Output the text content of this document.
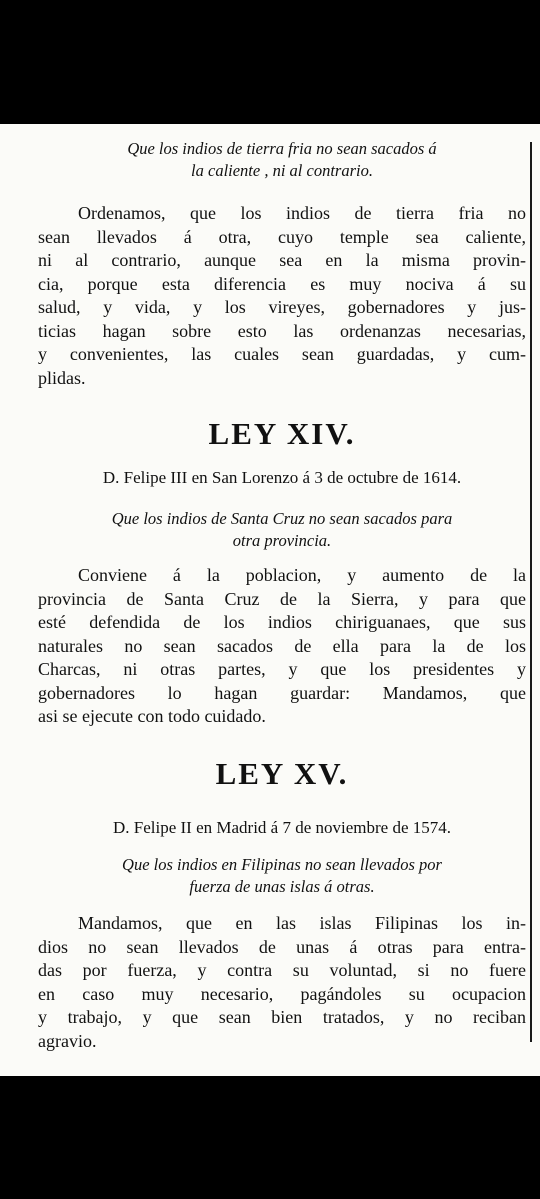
Que los indios de tierra fria no sean sacados á

la caliente , ni al contrario.

Ordenamos, que los indios de tierra fria no
sean llevados á otra, cuyo temple sea caliente,
ni al contrario, aunque sea en la misma provin-
cia, porque esta diferencia es muy nociva á su
salud, y vida, y los vireyes, gobernadores y jus-
ticias hagan sobre esto las ordenanzas necesarias,
y convenientes, las cuales sean guardadas, y cum-
plidas.

LEY XIV.

D. Felipe III en San Lorenzo á 3 de octubre de 1614.

Que los indios de Santa Cruz no sean sacados para

otra provincia.

Conviene á la poblacion, y aumento de la
provincia de Santa Cruz de la Sierra, y para que
esté defendida de los indios chiriguanaes, que sus
naturales no sean sacados de ella para la de los
Charcas, ni otras partes, y que los presidentes y
gobernadores lo hagan guardar: Mandamos, que
asi se ejecute con todo cuidado.

LEY XV.

D. Felipe II en Madrid á 7 de noviembre de 1574.

Que los indios en Filipinas no sean llevados por

fuerza de unas islas á otras.

Mandamos, que en las islas Filipinas los in-
dios no sean llevados de unas á otras para entra-
das por fuerza, y contra su voluntad, si no fuere
en caso muy necesario, pagándoles su ocupacion
y trabajo, y que sean bien tratados, y no reciban
agravio.
